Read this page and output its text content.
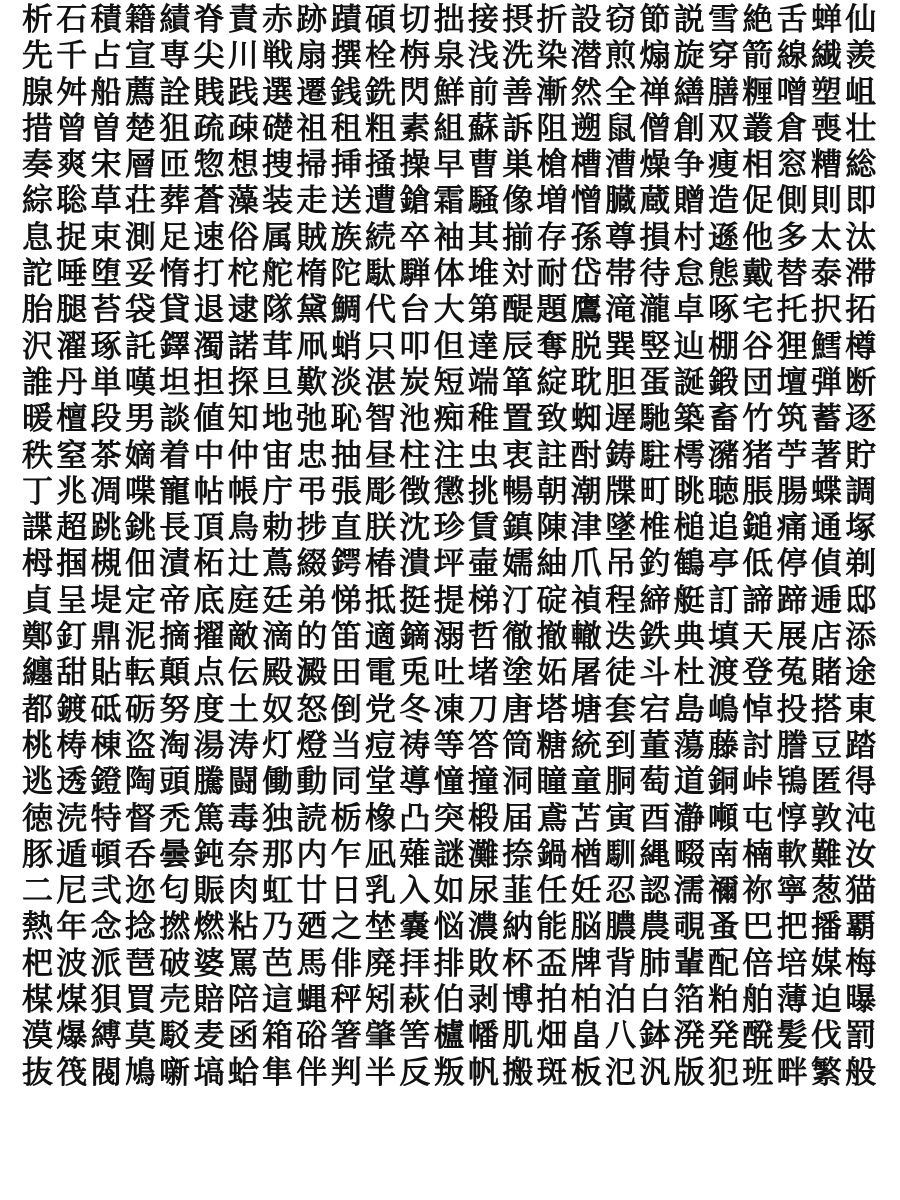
析石積籍績脊責赤跡蹟碩切拙接摂折設窃節説雪絶舌蝉仙
先千占宣専尖川戦扇撰栓栴泉浅洗染潜煎煽旋穿箭線繊羨
腺舛船薦詮賎践選遷銭銑閃鮮前善漸然全禅繕膳糎噌塑岨
措曾曽楚狙疏疎礎祖租粗素組蘇訴阻遡鼠僧創双叢倉喪壮
奏爽宋層匝惣想捜掃挿掻操早曹巣槍槽漕燥争痩相窓糟総
綜聡草荘葬蒼藻装走送遭鎗霜騒像増憎臓蔵贈造促側則即
息捉束測足速俗属賊族続卒袖其揃存孫尊損村遜他多太汰
詑唾堕妥惰打柁舵楕陀駄騨体堆対耐岱帯待怠態戴替泰滞
胎腿苔袋貸退逮隊黛鯛代台大第醍題鷹滝瀧卓啄宅托択拓
沢濯琢託鐸濁諾茸凧蛸只叩但達辰奪脱巽竪辿棚谷狸鱈樽
誰丹単嘆坦担探旦歎淡湛炭短端箪綻耽胆蛋誕鍛団壇弾断
暖檀段男談値知地弛恥智池痴稚置致蜘遅馳築畜竹筑蓄逐
秩窒茶嫡着中仲宙忠抽昼柱注虫衷註酎鋳駐樗瀦猪苧著貯
丁兆凋喋寵帖帳庁弔張彫徴懲挑暢朝潮牒町眺聴脹腸蝶調
諜超跳銚長頂鳥勅捗直朕沈珍賃鎮陳津墜椎槌追鎚痛通塚
栂掴槻佃漬柘辻蔦綴鍔椿潰坪壷嬬紬爪吊釣鶴亭低停偵剃
貞呈堤定帝底庭廷弟悌抵挺提梯汀碇禎程締艇訂諦蹄逓邸
鄭釘鼎泥摘擢敵滴的笛適鏑溺哲徹撤轍迭鉄典填天展店添
纏甜貼転顛点伝殿澱田電兎吐堵塗妬屠徒斗杜渡登菟賭途
都鍍砥砺努度土奴怒倒党冬凍刀唐塔塘套宕島嶋悼投搭東
桃梼棟盗淘湯涛灯燈当痘祷等答筒糖統到董蕩藤討謄豆踏
逃透鐙陶頭騰闘働動同堂導憧撞洞瞳童胴萄道銅峠鴇匿得
徳涜特督禿篤毒独読栃橡凸突椴届鳶苫寅酉瀞噸屯惇敦沌
豚遁頓呑曇鈍奈那内乍凪薙謎灘捺鍋楢馴縄畷南楠軟難汝
二尼弐迩匂賑肉虹廿日乳入如尿韮任妊忍認濡禰祢寧葱猫
熱年念捻撚燃粘乃廼之埜嚢悩濃納能脳膿農覗蚤巴把播覇
杷波派琶破婆罵芭馬俳廃拝排敗杯盃牌背肺輩配倍培媒梅
楳煤狽買売賠陪這蝿秤矧萩伯剥博拍柏泊白箔粕舶薄迫曝
漠爆縛莫駁麦函箱硲箸肇筈櫨幡肌畑畠八鉢溌発醗髪伐罰
抜筏閥鳩噺塙蛤隼伴判半反叛帆搬斑板氾汎版犯班畔繁般
